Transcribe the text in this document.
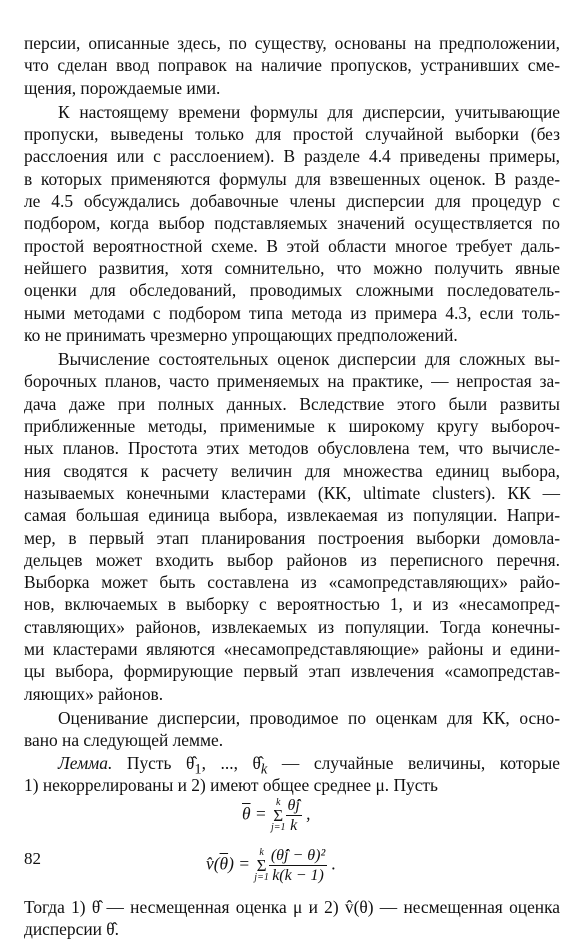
персии, описанные здесь, по существу, основаны на предположении,
что сделан ввод поправок на наличие пропусков, устранивших сме-
щения, порождаемые ими.
К настоящему времени формулы для дисперсии, учитывающие
пропуски, выведены только для простой случайной выборки (без
расслоения или с расслоением). В разделе 4.4 приведены примеры,
в которых применяются формулы для взвешенных оценок. В разде-
ле 4.5 обсуждались добавочные члены дисперсии для процедур с
подбором, когда выбор подставляемых значений осуществляется по
простой вероятностной схеме. В этой области многое требует даль-
нейшего развития, хотя сомнительно, что можно получить явные
оценки для обследований, проводимых сложными последователь-
ными методами с подбором типа метода из примера 4.3, если толь-
ко не принимать чрезмерно упрощающих предположений.
Вычисление состоятельных оценок дисперсии для сложных вы-
борочных планов, часто применяемых на практике, — непростая за-
дача даже при полных данных. Вследствие этого были развиты
приближенные методы, применимые к широкому кругу выбороч-
ных планов. Простота этих методов обусловлена тем, что вычисле-
ния сводятся к расчету величин для множества единиц выбора,
называемых конечными кластерами (КК, ultimate clusters). КК —
самая большая единица выбора, извлекаемая из популяции. Напри-
мер, в первый этап планирования построения выборки домовла-
дельцев может входить выбор районов из переписного перечня.
Выборка может быть составлена из «самопредставляющих» райо-
нов, включаемых в выборку с вероятностью 1, и из «несамопред-
ставляющих» районов, извлекаемых из популяции. Тогда конечны-
ми кластерами являются «несамопредставляющие» районы и едини-
цы выбора, формирующие первый этап извлечения «самопредстав-
ляющих» районов.
Оценивание дисперсии, проводимое по оценкам для КК, осно-
вано на следующей лемме.
Лемма. Пусть $\thetâ_1$, ..., $\thetâ_k$ — случайные величины, которые
1) некоррелированы и 2) имеют общее среднее μ. Пусть
$\overline{\theta}$ =
k
Σ
$j=1 \frac{\thetâj}{k}$ ,
$v̂(\overline{\theta})$ =
k
Σ
$j=1 \frac{\text{(θ̂j − θ)²}}{k(k - 1)}$ .
Тогда 1) θ̂ — несмещенная оценка μ и 2) v̂(θ) — несмещенная оценка
дисперсии θ̂.
82
